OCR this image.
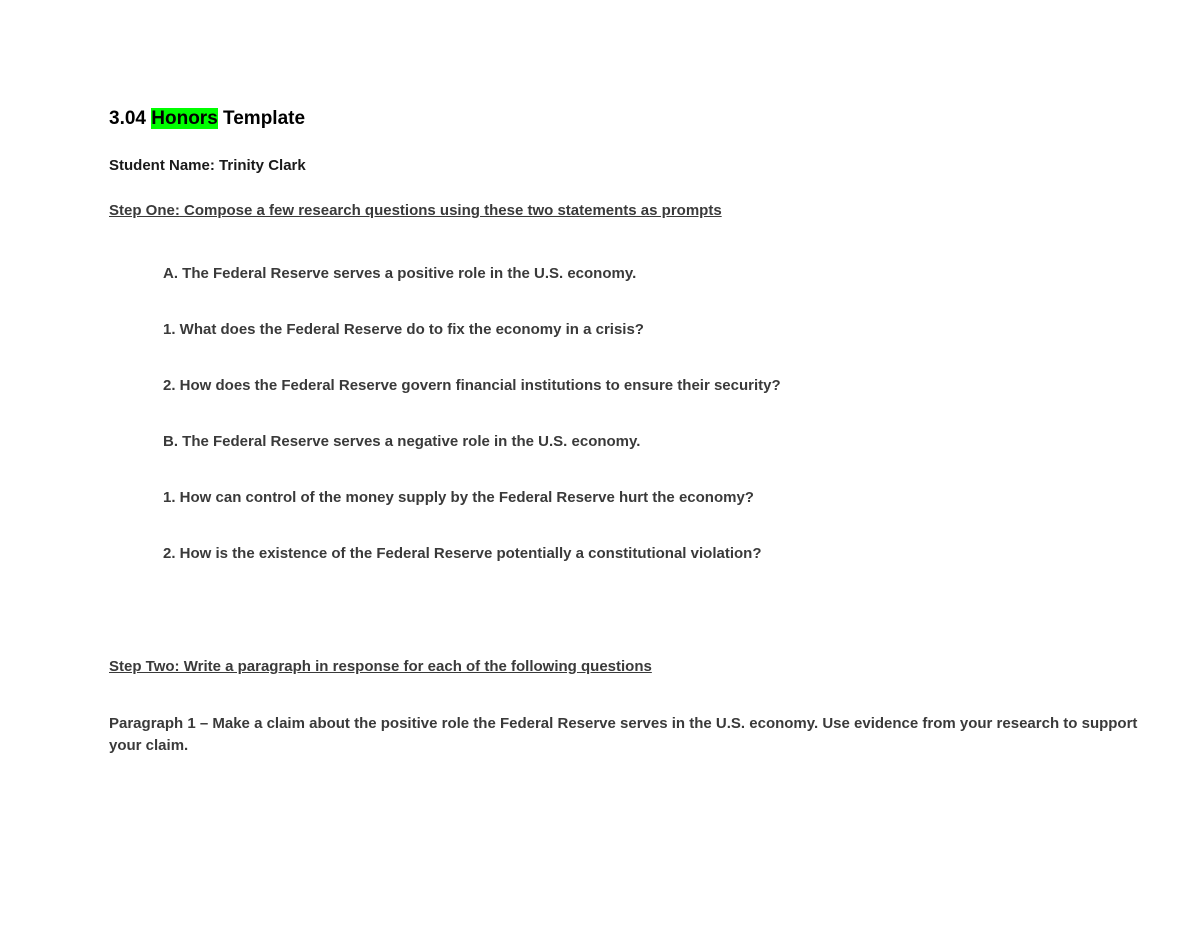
3.04 Honors Template
Student Name: Trinity Clark
Step One: Compose a few research questions using these two statements as prompts
A. The Federal Reserve serves a positive role in the U.S. economy.
1. What does the Federal Reserve do to fix the economy in a crisis?
2. How does the Federal Reserve govern financial institutions to ensure their security?
B. The Federal Reserve serves a negative role in the U.S. economy.
1. How can control of the money supply by the Federal Reserve hurt the economy?
2. How is the existence of the Federal Reserve potentially a constitutional violation?
Step Two: Write a paragraph in response for each of the following questions
Paragraph 1 – Make a claim about the positive role the Federal Reserve serves in the U.S. economy. Use evidence from your research to support your claim.
